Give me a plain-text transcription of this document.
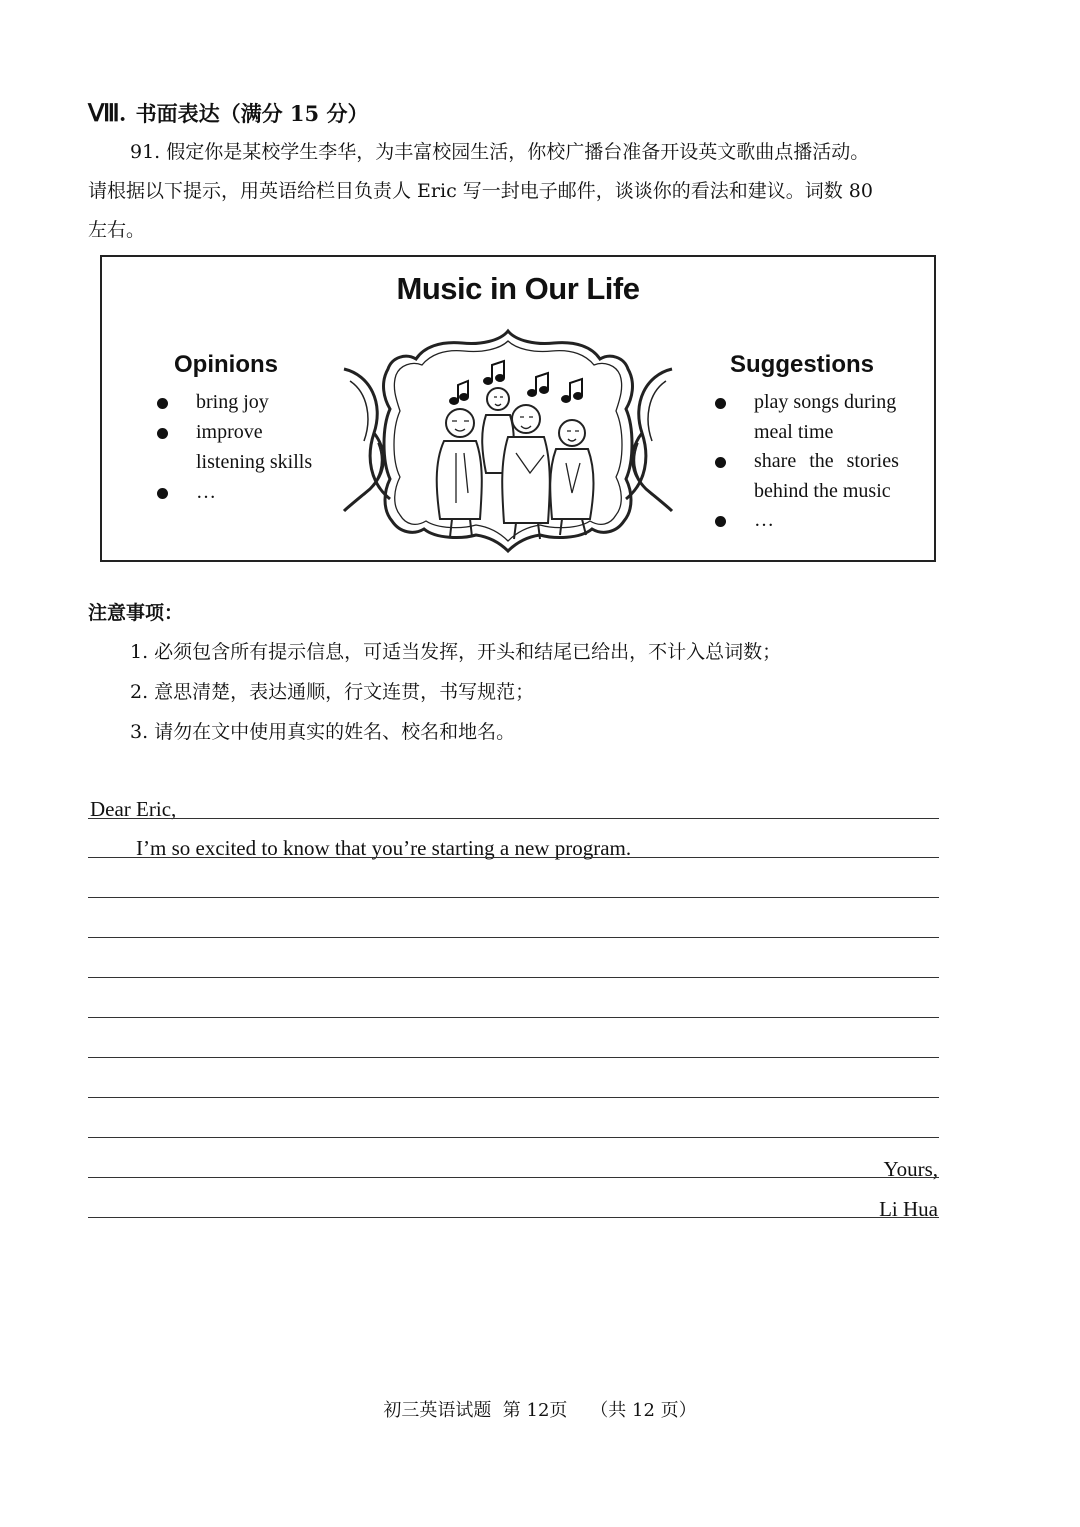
Ⅷ. 书面表达（满分 15 分）
91. 假定你是某校学生李华，为丰富校园生活，你校广播台准备开设英文歌曲点播活动。
请根据以下提示，用英语给栏目负责人 Eric 写一封电子邮件，谈谈你的看法和建议。词数 80
左右。
Music in Our Life
Opinions
bring joy
improve
listening skills
…
Suggestions
play songs during
meal time
share the stories
behind the music
…
注意事项：
1. 必须包含所有提示信息，可适当发挥，开头和结尾已给出，不计入总词数；
2. 意思清楚，表达通顺，行文连贯，书写规范；
3. 请勿在文中使用真实的姓名、校名和地名。
Dear Eric,
I’m so excited to know that you’re starting a new program.
Yours,
Li Hua
初三英语试题  第 12页    （共 12 页）
